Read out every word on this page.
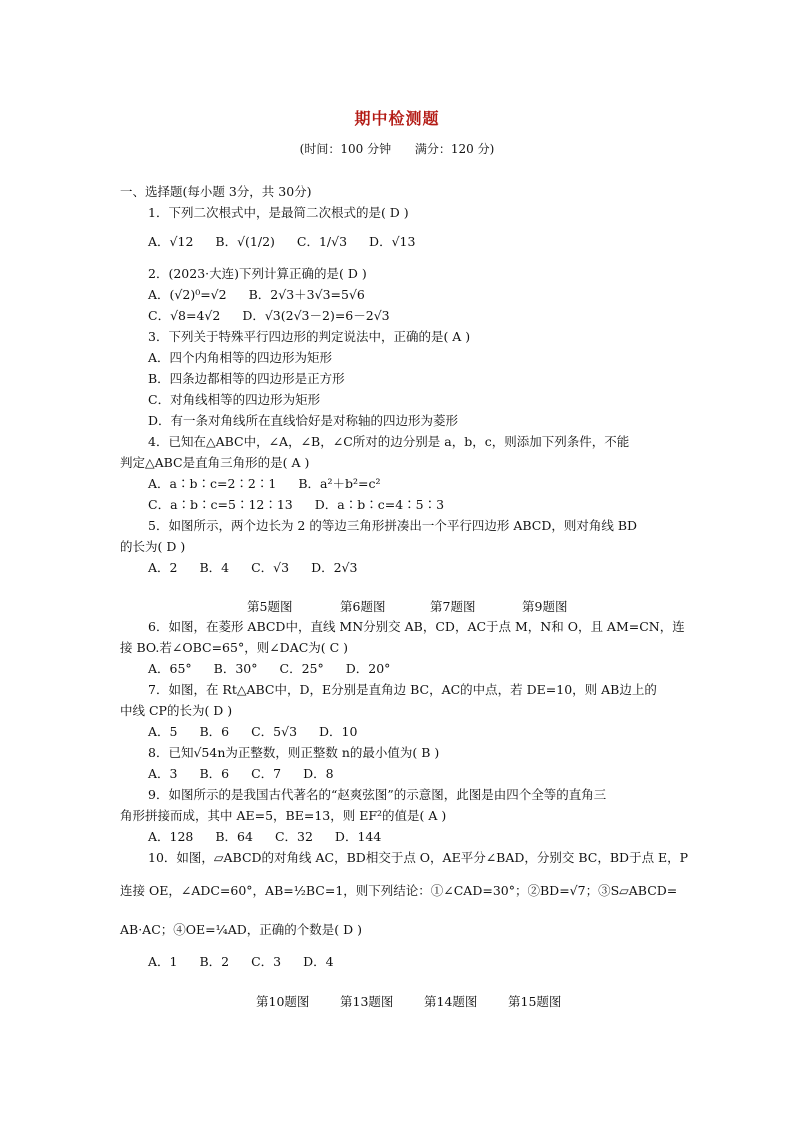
期中检测题
(时间：100 分钟 满分：120 分)
一、选择题(每小题 3分，共 30分)
1．下列二次根式中，是最简二次根式的是( D )
A．√12 B．√(1/2) C．1/√3 D．√13
2．(2023·大连)下列计算正确的是( D )
A．(√2)⁰=√2 B．2√3＋3√3=5√6
C．√8=4√2 D．√3(2√3－2)=6－2√3
3．下列关于特殊平行四边形的判定说法中，正确的是( A )
A．四个内角相等的四边形为矩形
B．四条边都相等的四边形是正方形
C．对角线相等的四边形为矩形
D．有一条对角线所在直线恰好是对称轴的四边形为菱形
4．已知在△ABC中，∠A，∠B，∠C所对的边分别是 a，b，c，则添加下列条件，不能
判定△ABC是直角三角形的是( A )
A．a∶b∶c=2∶2∶1 B．a²＋b²=c²
C．a∶b∶c=5∶12∶13 D．a∶b∶c=4∶5∶3
5．如图所示，两个边长为 2 的等边三角形拼凑出一个平行四边形 ABCD，则对角线 BD
的长为( D )
A．2 B．4 C．√3 D．2√3
第5题图	第6题图	第7题图	第9题图
6．如图，在菱形 ABCD中，直线 MN分别交 AB，CD，AC于点 M，N和 O，且 AM=CN，连
接 BO.若∠OBC=65°，则∠DAC为( C )
A．65° B．30° C．25° D．20°
7．如图，在 Rt△ABC中，D，E分别是直角边 BC，AC的中点，若 DE=10，则 AB边上的
中线 CP的长为( D )
A．5 B．6 C．5√3 D．10
8．已知√54n为正整数，则正整数 n的最小值为( B )
A．3 B．6 C．7 D．8
9．如图所示的是我国古代著名的“赵爽弦图”的示意图，此图是由四个全等的直角三
角形拼接而成，其中 AE=5，BE=13，则 EF²的值是( A )
A．128 B．64 C．32 D．144
10．如图，▱ABCD的对角线 AC，BD相交于点 O，AE平分∠BAD，分别交 BC，BD于点 E，P
连接 OE，∠ADC=60°，AB=½BC=1，则下列结论：①∠CAD=30°；②BD=√7；③S▱ABCD=
AB·AC；④OE=¼AD，正确的个数是( D )
A．1 B．2 C．3 D．4
第10题图 第13题图 第14题图 第15题图
